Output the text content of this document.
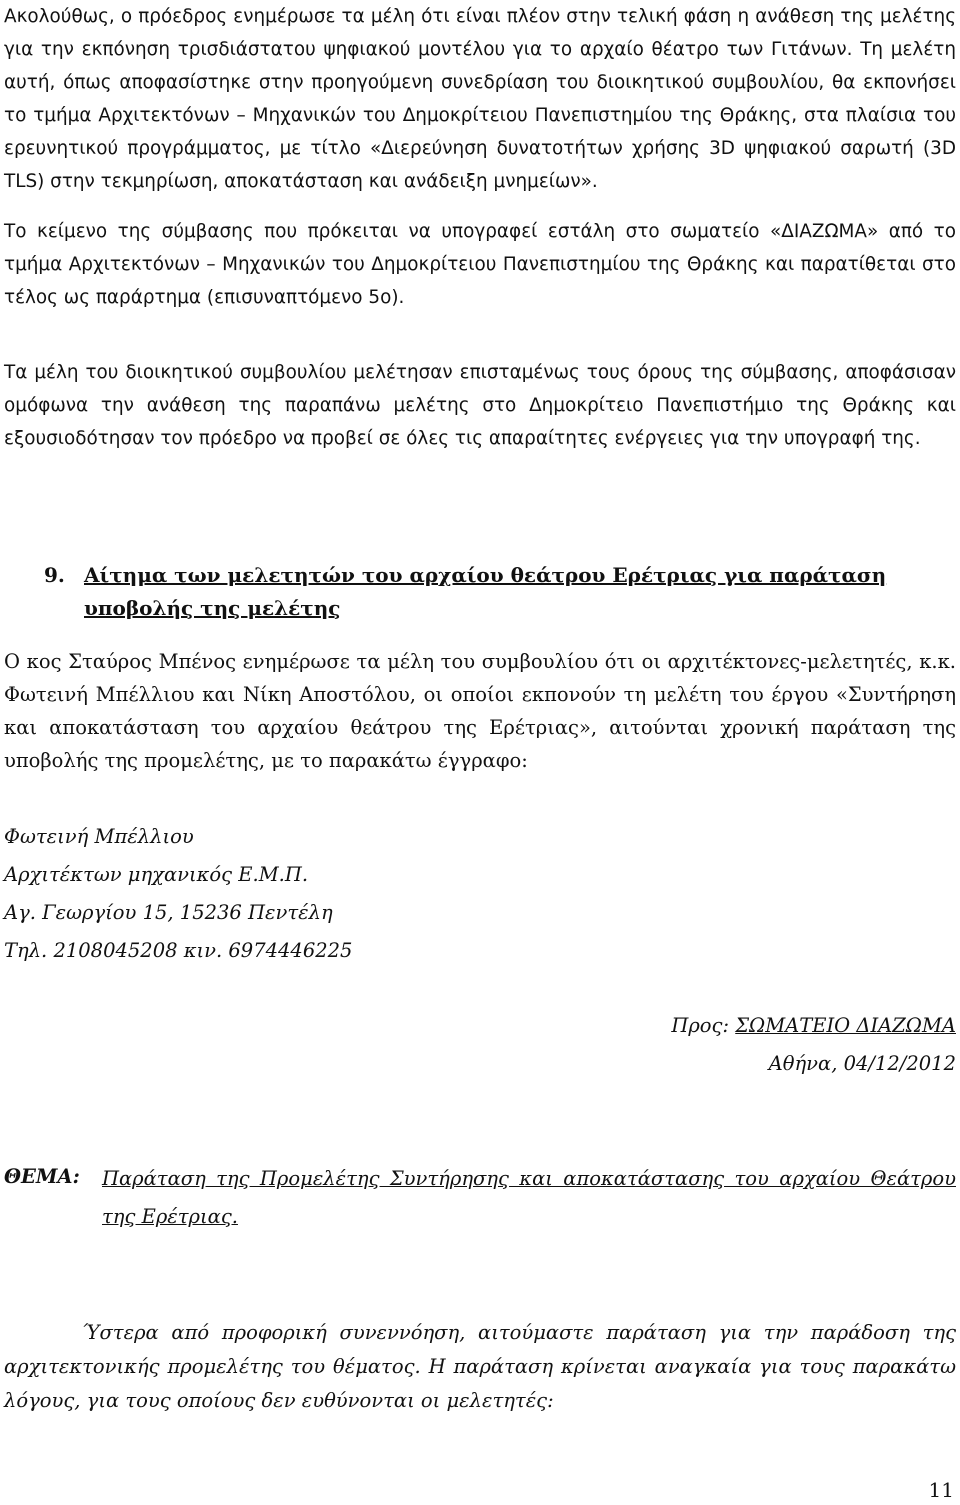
Ακολούθως, ο πρόεδρος ενημέρωσε τα μέλη ότι είναι πλέον στην τελική φάση η ανάθεση της μελέτης για την εκπόνηση τρισδιάστατου ψηφιακού μοντέλου για το αρχαίο θέατρο των Γιτάνων. Τη μελέτη αυτή, όπως αποφασίστηκε στην προηγούμενη συνεδρίαση του διοικητικού συμβουλίου, θα εκπονήσει το τμήμα Αρχιτεκτόνων – Μηχανικών του Δημοκρίτειου Πανεπιστημίου της Θράκης, στα πλαίσια του ερευνητικού προγράμματος, με τίτλο «Διερεύνηση δυνατοτήτων χρήσης 3D ψηφιακού σαρωτή (3D TLS) στην τεκμηρίωση, αποκατάσταση και ανάδειξη μνημείων».

Το κείμενο της σύμβασης που πρόκειται να υπογραφεί εστάλη στο σωματείο «ΔΙΑΖΩΜΑ» από το τμήμα Αρχιτεκτόνων – Μηχανικών του Δημοκρίτειου Πανεπιστημίου της Θράκης και παρατίθεται στο τέλος ως παράρτημα (επισυναπτόμενο 5ο).

Τα μέλη του διοικητικού συμβουλίου μελέτησαν επισταμένως τους όρους της σύμβασης, αποφάσισαν ομόφωνα την ανάθεση της παραπάνω μελέτης στο Δημοκρίτειο Πανεπιστήμιο της Θράκης και εξουσιοδότησαν τον πρόεδρο να προβεί σε όλες τις απαραίτητες ενέργειες για την υπογραφή της.

9. Αίτημα των μελετητών του αρχαίου θεάτρου Ερέτριας για παράταση υποβολής της μελέτης

Ο κος Σταύρος Μπένος ενημέρωσε τα μέλη του συμβουλίου ότι οι αρχιτέκτονες-μελετητές, κ.κ. Φωτεινή Μπέλλιου και Νίκη Αποστόλου, οι οποίοι εκπονούν τη μελέτη του έργου «Συντήρηση και αποκατάσταση του αρχαίου θεάτρου της Ερέτριας», αιτούνται χρονική παράταση της υποβολής της προμελέτης, με το παρακάτω έγγραφο:

Φωτεινή Μπέλλιου
Αρχιτέκτων μηχανικός Ε.Μ.Π.
Αγ. Γεωργίου 15, 15236 Πεντέλη
Τηλ. 2108045208 κιν. 6974446225
Προς: ΣΩΜΑΤΕΙΟ ΔΙΑΖΩΜΑ
Αθήνα, 04/12/2012
ΘΕΜΑ: Παράταση της Προμελέτης Συντήρησης και αποκατάστασης του αρχαίου Θεάτρου της Ερέτριας.

Ύστερα από προφορική συνεννόηση, αιτούμαστε παράταση για την παράδοση της αρχιτεκτονικής προμελέτης του θέματος. Η παράταση κρίνεται αναγκαία για τους παρακάτω λόγους, για τους οποίους δεν ευθύνονται οι μελετητές:

11
